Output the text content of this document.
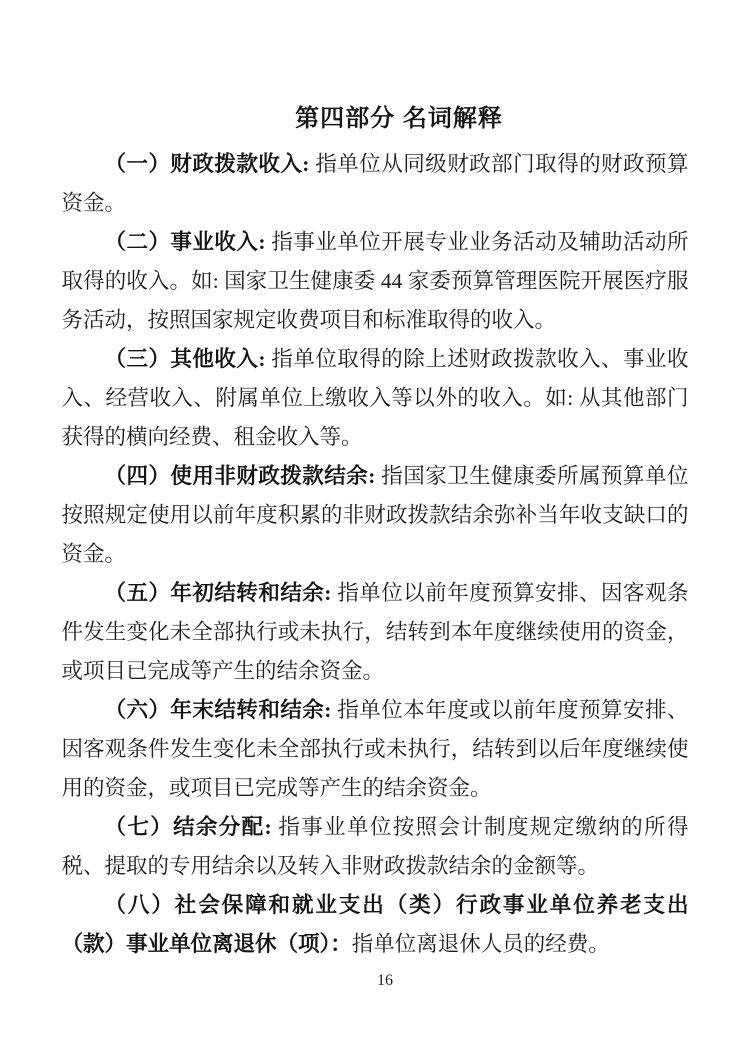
第四部分 名词解释

（一）财政拨款收入: 指单位从同级财政部门取得的财政预算资金。

（二）事业收入: 指事业单位开展专业业务活动及辅助活动所取得的收入。如: 国家卫生健康委 44 家委预算管理医院开展医疗服务活动，按照国家规定收费项目和标准取得的收入。

（三）其他收入: 指单位取得的除上述财政拨款收入、事业收入、经营收入、附属单位上缴收入等以外的收入。如: 从其他部门获得的横向经费、租金收入等。

（四）使用非财政拨款结余: 指国家卫生健康委所属预算单位按照规定使用以前年度积累的非财政拨款结余弥补当年收支缺口的资金。

（五）年初结转和结余: 指单位以前年度预算安排、因客观条件发生变化未全部执行或未执行，结转到本年度继续使用的资金，或项目已完成等产生的结余资金。

（六）年末结转和结余: 指单位本年度或以前年度预算安排、因客观条件发生变化未全部执行或未执行，结转到以后年度继续使用的资金，或项目已完成等产生的结余资金。

（七）结余分配: 指事业单位按照会计制度规定缴纳的所得税、提取的专用结余以及转入非财政拨款结余的金额等。

（八）社会保障和就业支出（类）行政事业单位养老支出（款）事业单位离退休（项）：指单位离退休人员的经费。

16
